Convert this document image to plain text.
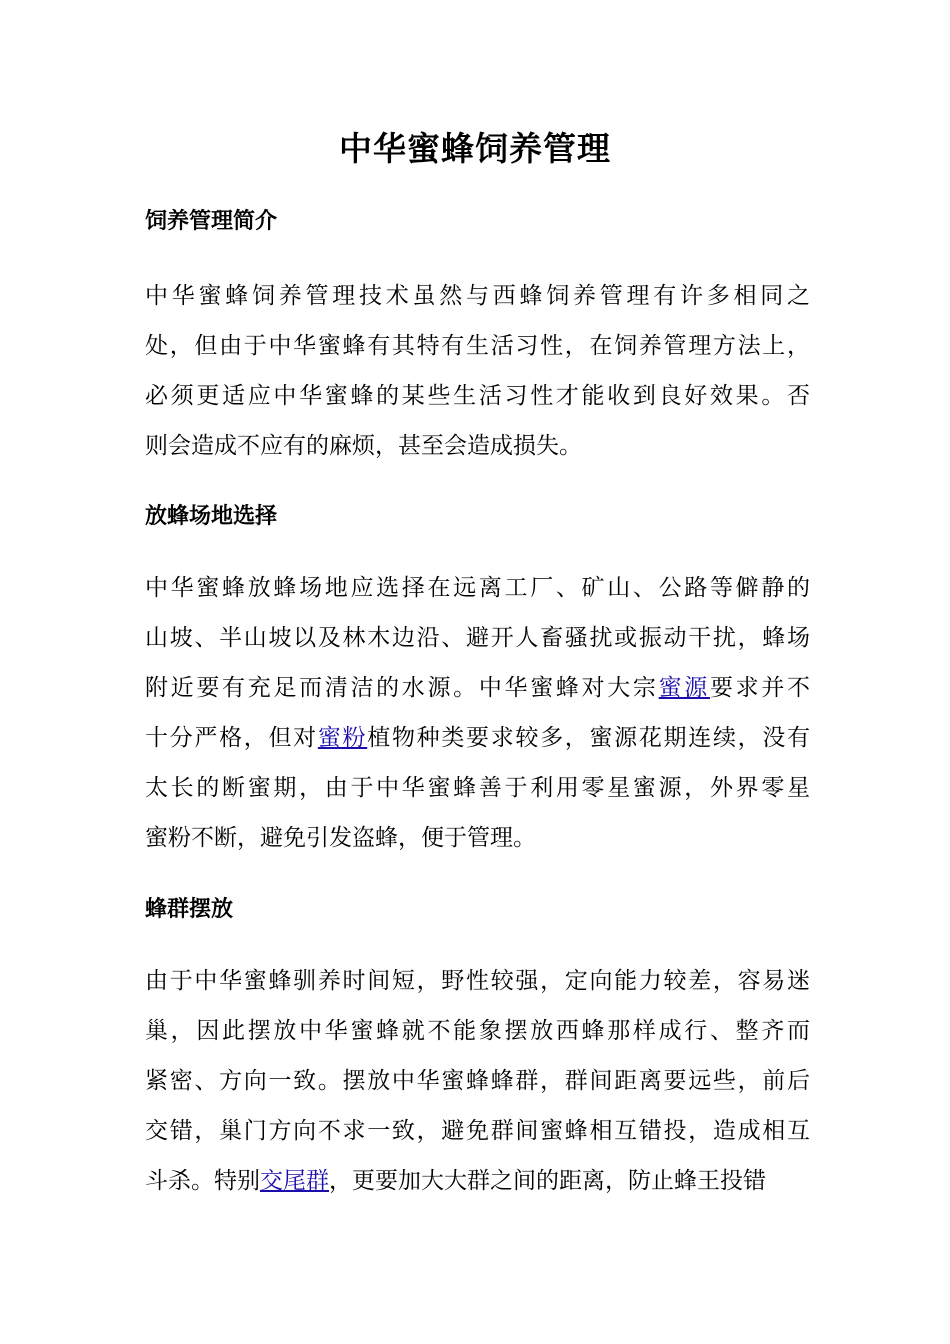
中华蜜蜂饲养管理
饲养管理简介
中华蜜蜂饲养管理技术虽然与西蜂饲养管理有许多相同之
处，但由于中华蜜蜂有其特有生活习性，在饲养管理方法上，
必须更适应中华蜜蜂的某些生活习性才能收到良好效果。否
则会造成不应有的麻烦，甚至会造成损失。
放蜂场地选择
中华蜜蜂放蜂场地应选择在远离工厂、矿山、公路等僻静的
山坡、半山坡以及林木边沿、避开人畜骚扰或振动干扰，蜂场
附近要有充足而清洁的水源。中华蜜蜂对大宗蜜源要求并不
十分严格，但对蜜粉植物种类要求较多，蜜源花期连续，没有
太长的断蜜期，由于中华蜜蜂善于利用零星蜜源，外界零星
蜜粉不断，避免引发盗蜂，便于管理。
蜂群摆放
由于中华蜜蜂驯养时间短，野性较强，定向能力较差，容易迷
巢，因此摆放中华蜜蜂就不能象摆放西蜂那样成行、整齐而
紧密、方向一致。摆放中华蜜蜂蜂群，群间距离要远些，前后
交错，巢门方向不求一致，避免群间蜜蜂相互错投，造成相互
斗杀。特别交尾群，更要加大大群之间的距离，防止蜂王投错
